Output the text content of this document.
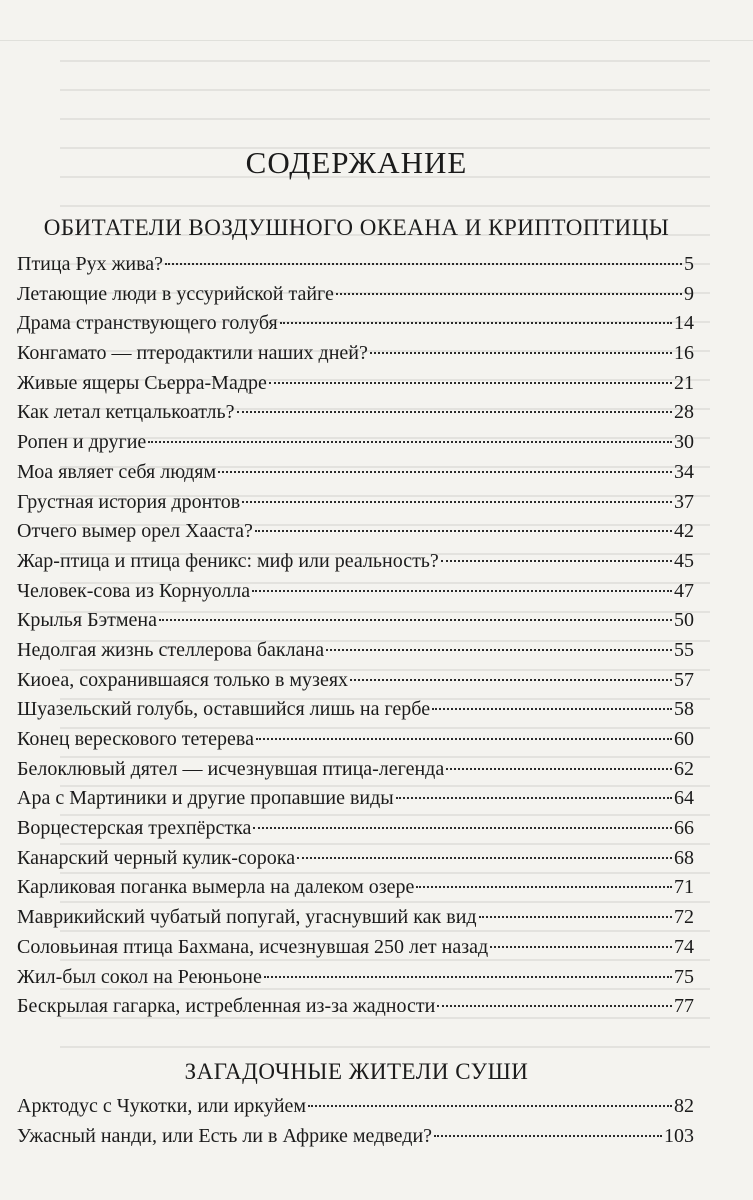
СОДЕРЖАНИЕ
ОБИТАТЕЛИ ВОЗДУШНОГО ОКЕАНА И КРИПТОПТИЦЫ
Птица Рух жива?	5
Летающие люди в уссурийской тайге	9
Драма странствующего голубя	14
Конгамато — птеродактили наших дней?	16
Живые ящеры Сьерра-Мадре	21
Как летал кетцалькоатль?	28
Ропен и другие	30
Моа являет себя людям	34
Грустная история дронтов	37
Отчего вымер орел Хааста?	42
Жар-птица и птица феникс: миф или реальность?	45
Человек-сова из Корнуолла	47
Крылья Бэтмена	50
Недолгая жизнь стеллерова баклана	55
Киоеа, сохранившаяся только в музеях	57
Шуазельский голубь, оставшийся лишь на гербе	58
Конец верескового тетерева	60
Белоклювый дятел — исчезнувшая птица-легенда	62
Ара с Мартиники и другие пропавшие виды	64
Ворцестерская трехпёрстка	66
Канарский черный кулик-сорока	68
Карликовая поганка вымерла на далеком озере	71
Маврикийский чубатый попугай, угаснувший как вид	72
Соловьиная птица Бахмана, исчезнувшая 250 лет назад	74
Жил-был сокол на Реюньоне	75
Бескрылая гагарка, истребленная из-за жадности	77
ЗАГАДОЧНЫЕ ЖИТЕЛИ СУШИ
Арктодус с Чукотки, или иркуйем	82
Ужасный нанди, или Есть ли в Африке медведи?	103
